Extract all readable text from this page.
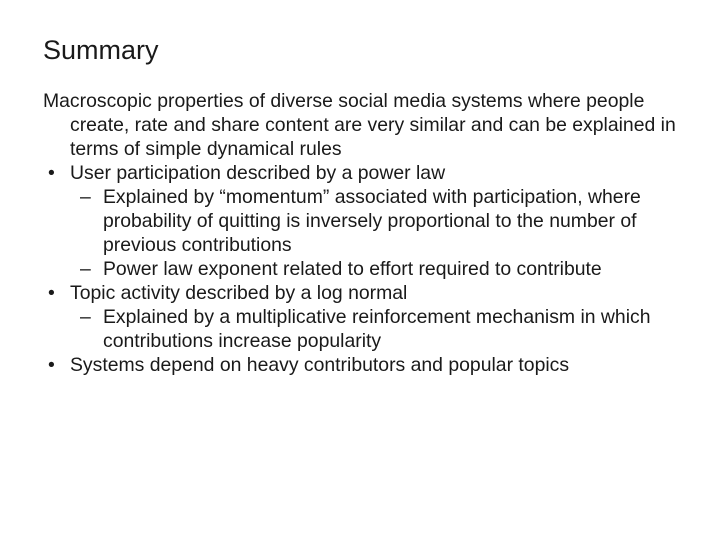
Summary

Macroscopic properties of diverse social media systems where people create, rate and share content are very similar and can be explained in terms of simple dynamical rules

• User participation described by a power law
– Explained by “momentum” associated with participation, where probability of quitting is inversely proportional to the number of previous contributions
– Power law exponent related to effort required to contribute
• Topic activity described by a log normal
– Explained by a multiplicative reinforcement mechanism in which contributions increase popularity
• Systems depend on heavy contributors and popular topics
